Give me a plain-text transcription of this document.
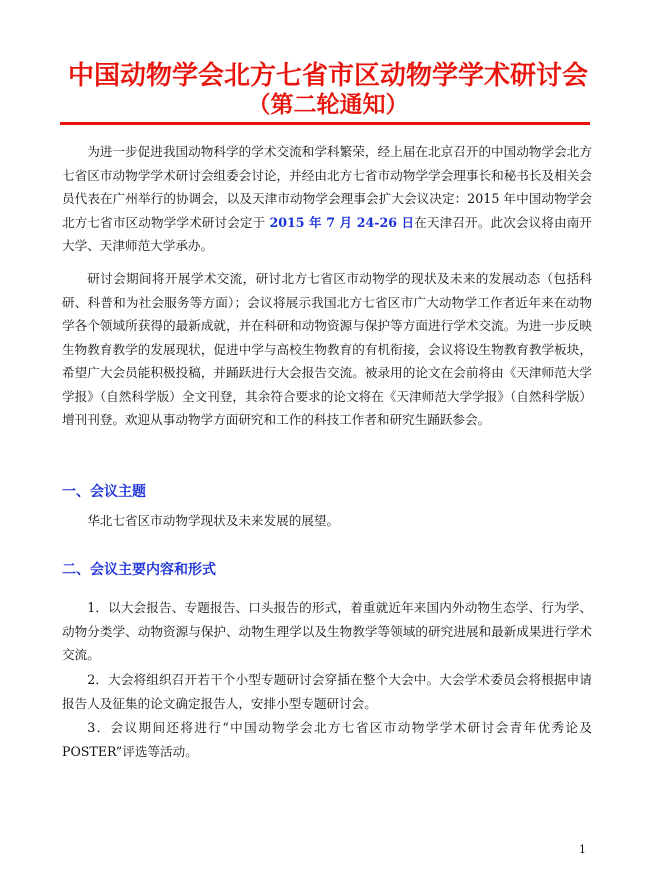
中国动物学会北方七省市区动物学学术研讨会
（第二轮通知）

为进一步促进我国动物科学的学术交流和学科繁荣，经上届在北京召开的中国动物学会北方七省区市动物学学术研讨会组委会讨论，并经由北方七省市动物学学会理事长和秘书长及相关会员代表在广州举行的协调会，以及天津市动物学会理事会扩大会议决定：2015 年中国动物学会北方七省市区动物学学术研讨会定于 2015 年 7 月 24-26 日在天津召开。此次会议将由南开大学、天津师范大学承办。

研讨会期间将开展学术交流，研讨北方七省区市动物学的现状及未来的发展动态（包括科研、科普和为社会服务等方面）；会议将展示我国北方七省区市广大动物学工作者近年来在动物学各个领域所获得的最新成就，并在科研和动物资源与保护等方面进行学术交流。为进一步反映生物教育教学的发展现状，促进中学与高校生物教育的有机衔接，会议将设生物教育教学板块，希望广大会员能积极投稿，并踊跃进行大会报告交流。被录用的论文在会前将由《天津师范大学学报》（自然科学版）全文刊登，其余符合要求的论文将在《天津师范大学学报》（自然科学版）增刊刊登。欢迎从事动物学方面研究和工作的科技工作者和研究生踊跃参会。

一、会议主题

华北七省区市动物学现状及未来发展的展望。

二、会议主要内容和形式

1．以大会报告、专题报告、口头报告的形式，着重就近年来国内外动物生态学、行为学、动物分类学、动物资源与保护、动物生理学以及生物教学等领域的研究进展和最新成果进行学术交流。

2．大会将组织召开若干个小型专题研讨会穿插在整个大会中。大会学术委员会将根据申请报告人及征集的论文确定报告人，安排小型专题研讨会。

3．会议期间还将进行“中国动物学会北方七省区市动物学学术研讨会青年优秀论及POSTER”评选等活动。

1
